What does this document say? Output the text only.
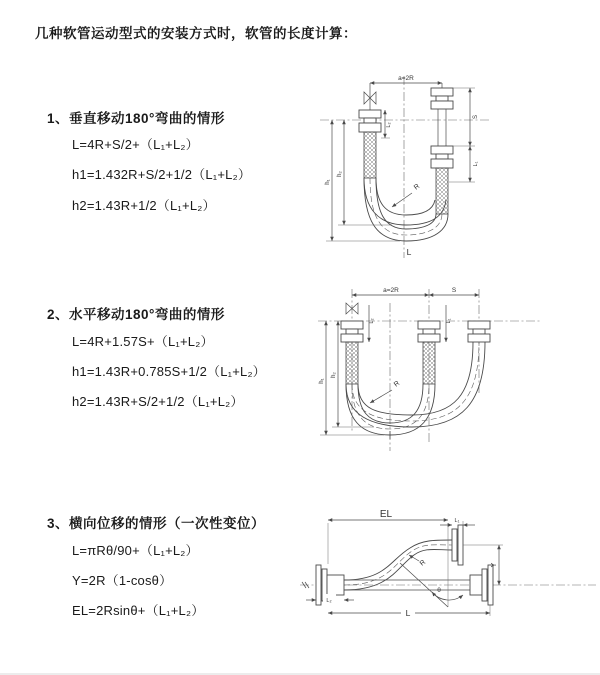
几种软管运动型式的安装方式时，软管的长度计算：
1、垂直移动180°弯曲的情形
L=4R+S/2+（L₁+L₂）
h1=1.432R+S/2+1/2（L₁+L₂）
h2=1.43R+1/2（L₁+L₂）
2、水平移动180°弯曲的情形
L=4R+1.57S+（L₁+L₂）
h1=1.43R+0.785S+1/2（L₁+L₂）
h2=1.43R+S/2+1/2（L₁+L₂）
3、横向位移的情形（一次性变位）
L=πRθ/90+（L₁+L₂）
Y=2R（1-cosθ）
EL=2Rsinθ+（L₁+L₂）
a=2R
h₁
h₂
L₂
S
L₁
R
L
a=2R	S
L₂	L₁
h₁
h₂
R
EL
L₁
Y
θ
R
L₂
L
